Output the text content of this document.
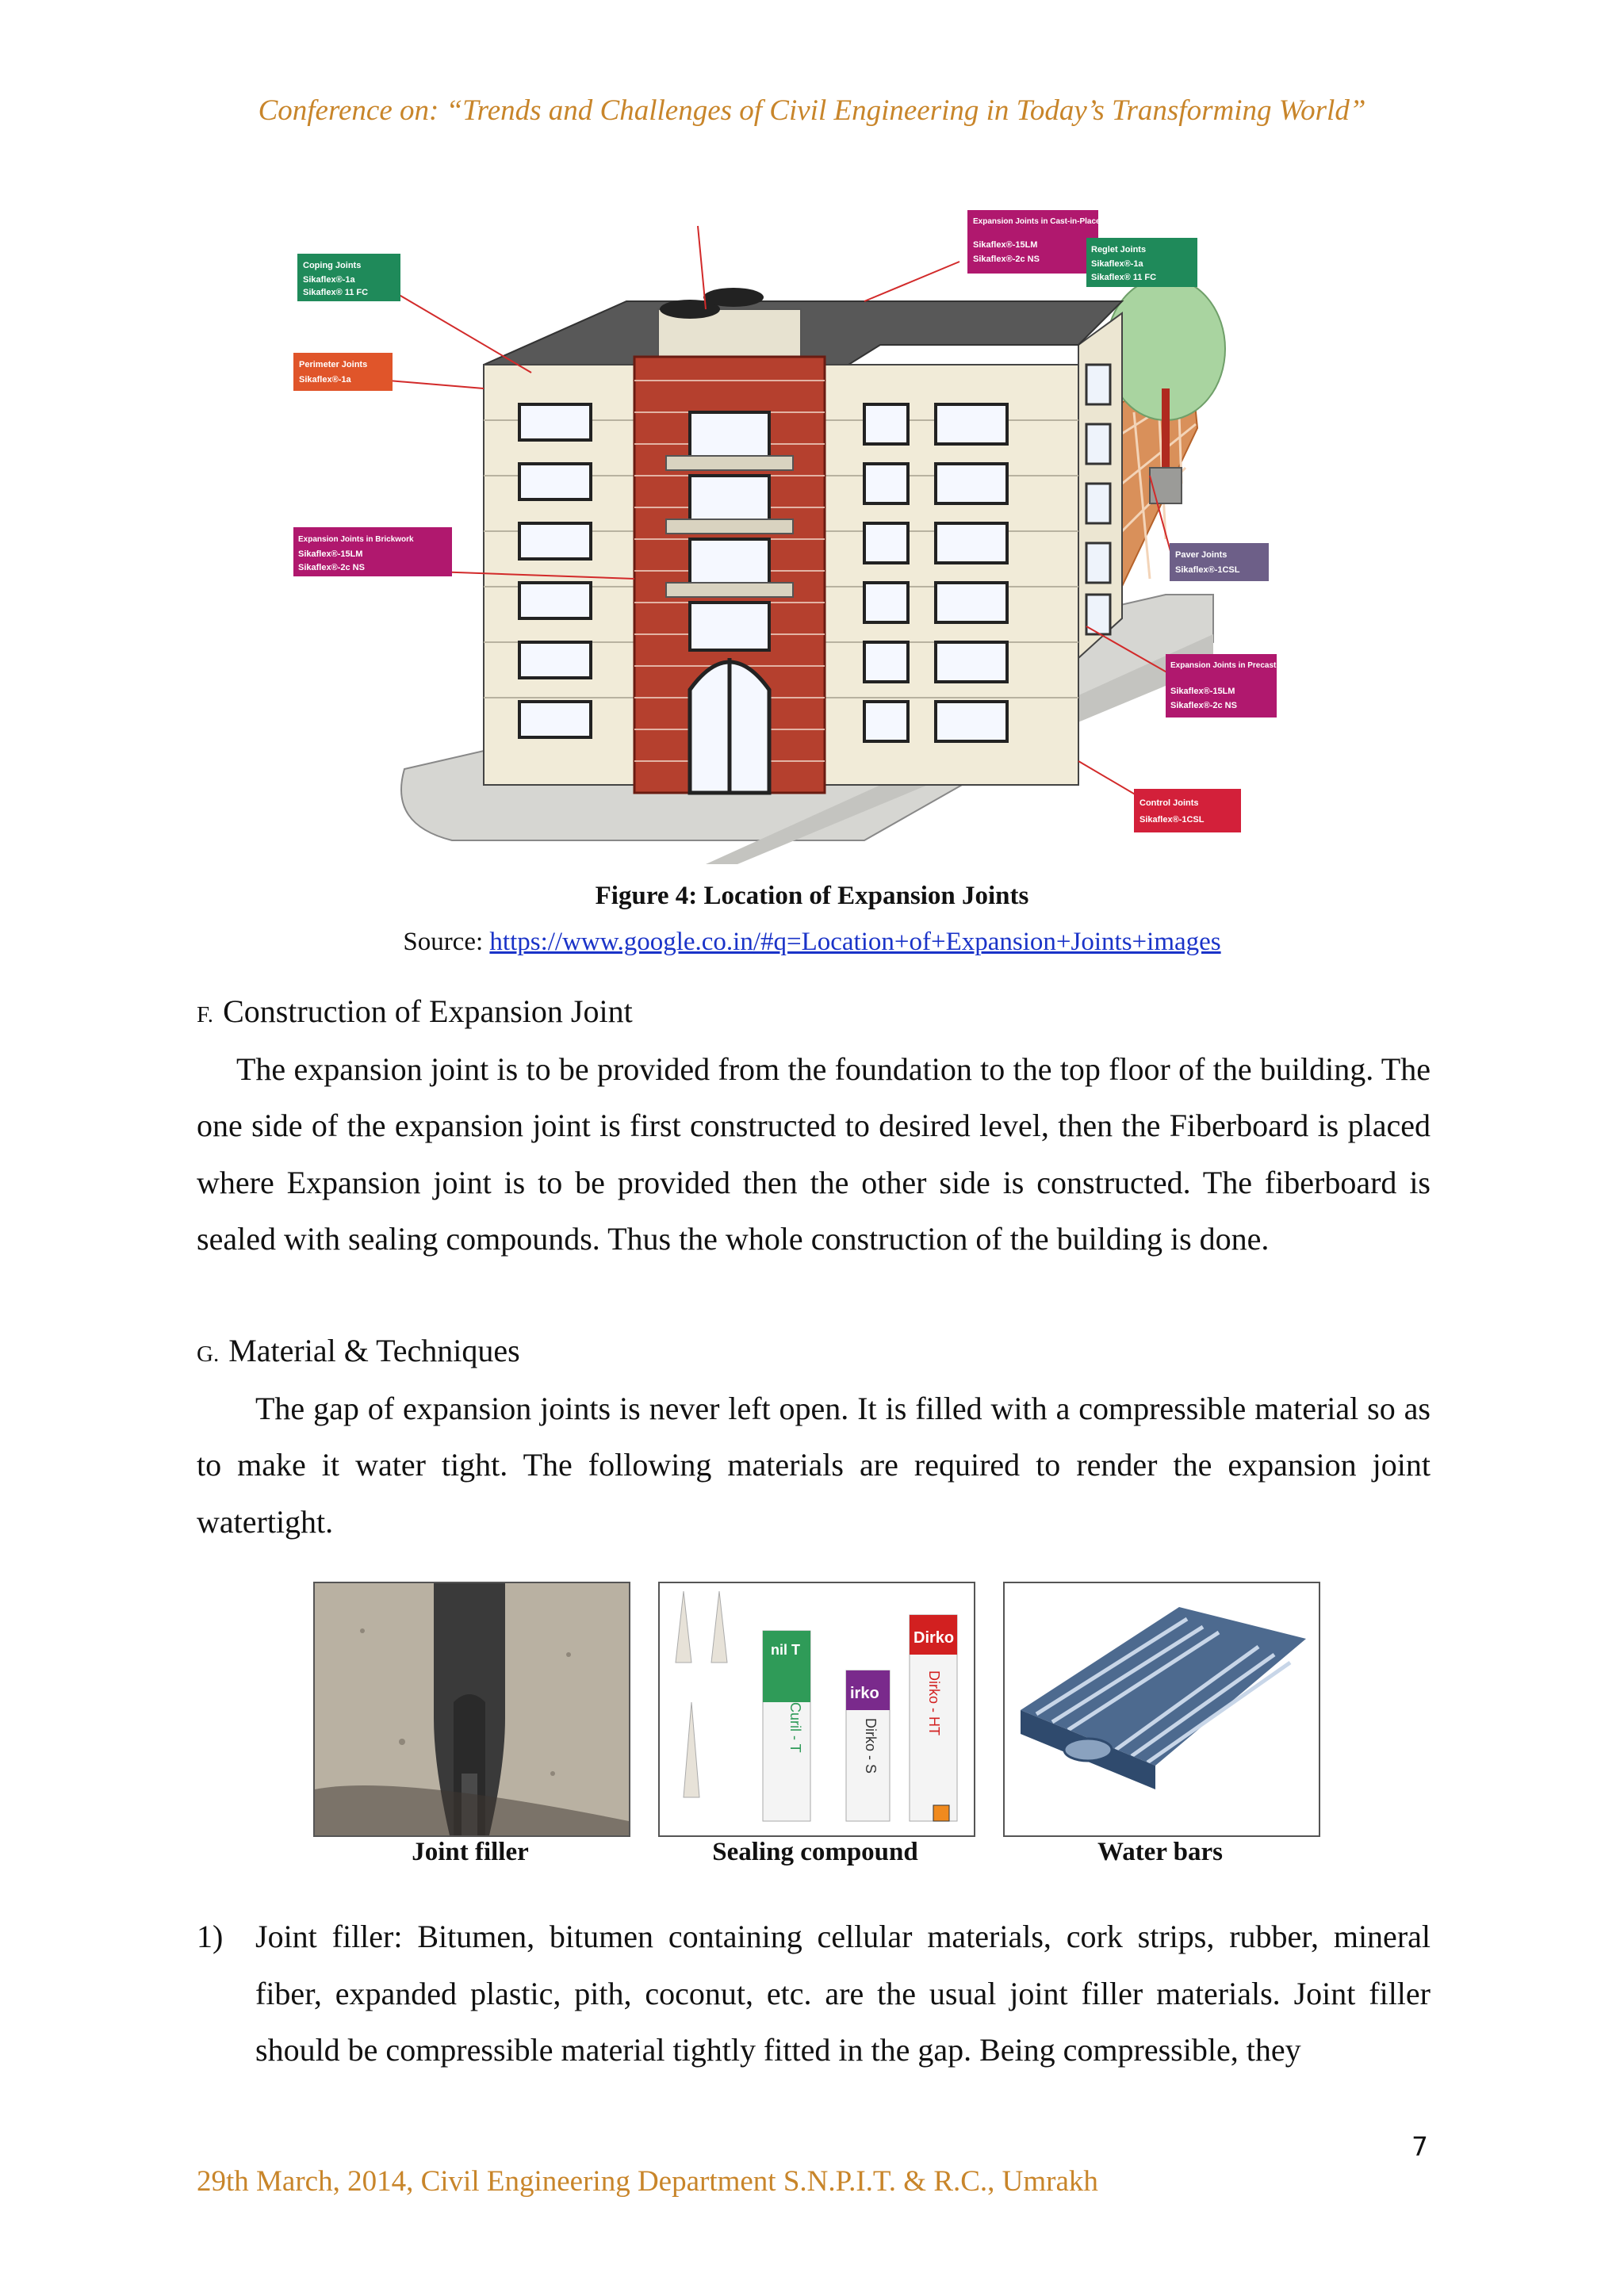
Conference on: “Trends and Challenges of Civil Engineering in Today’s Transforming World”
Coping Joints
Sikaflex®-1a
Sikaflex® 11 FC
Expansion Joints in Cast-in-Place Concrete
Sikaflex®-15LM
Sikaflex®-2c NS
Reglet Joints
Sikaflex®-1a
Sikaflex® 11 FC
Perimeter Joints
Sikaflex®-1a
Expansion Joints in Brickwork
Sikaflex®-15LM
Sikaflex®-2c NS
Paver Joints
Sikaflex®-1CSL
Expansion Joints in Precast Concrete
Sikaflex®-15LM
Sikaflex®-2c NS
Control Joints
Sikaflex®-1CSL
Figure 4: Location of Expansion Joints
Source: https://www.google.co.in/#q=Location+of+Expansion+Joints+images
F. Construction of Expansion Joint
The expansion joint is to be provided from the foundation to the top floor of the building. The one side of the expansion joint is first constructed to desired level, then the Fiberboard is placed where Expansion joint is to be provided then the other side is constructed. The fiberboard is sealed with sealing compounds. Thus the whole construction of the building is done.
G. Material & Techniques
The gap of expansion joints is never left open. It is filled with a compressible material so as to make it water tight. The following materials are required to render the expansion joint watertight.
nil T
Curil - T
irko
Dirko - S
Dirko
Dirko - HT
Joint filler	Sealing compound	Water bars
1) Joint filler: Bitumen, bitumen containing cellular materials, cork strips, rubber, mineral fiber, expanded plastic, pith, coconut, etc. are the usual joint filler materials. Joint filler should be compressible material tightly fitted in the gap. Being compressible, they
7
29th March, 2014, Civil Engineering Department S.N.P.I.T. & R.C., Umrakh
